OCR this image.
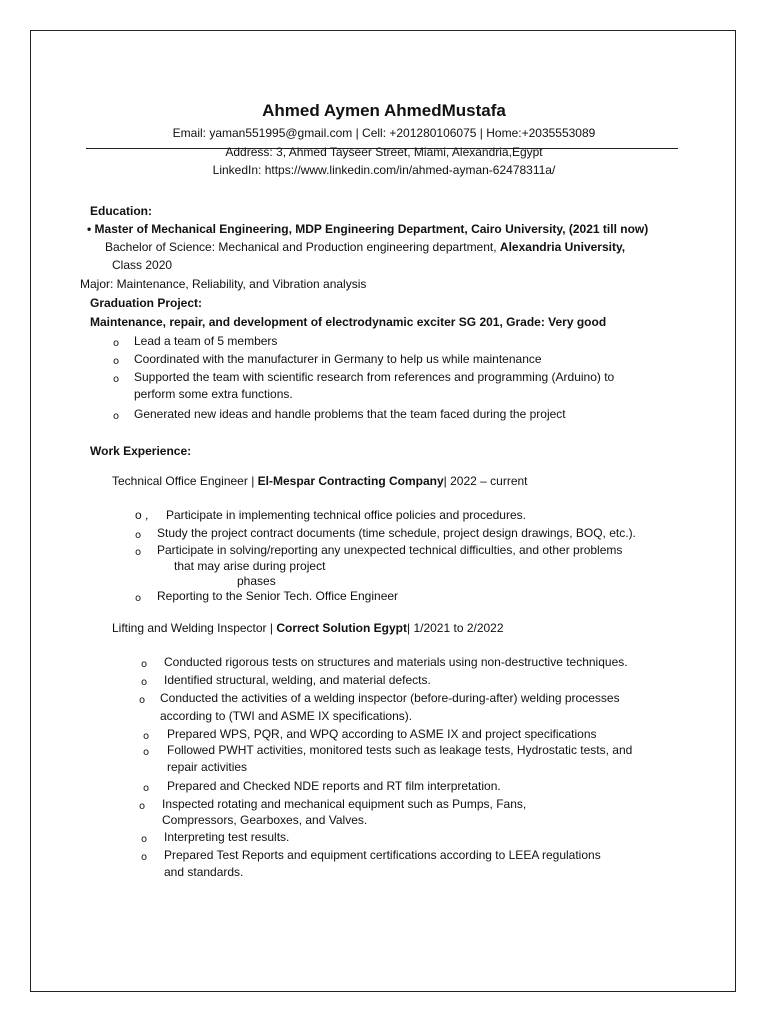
Ahmed Aymen AhmedMustafa
Email: yaman551995@gmail.com | Cell: +201280106075 | Home:+2035553089
Address: 3, Ahmed Tayseer Street, Miami, Alexandria,Egypt
LinkedIn: https://www.linkedin.com/in/ahmed-ayman-62478311a/
Education:
• Master of Mechanical Engineering, MDP Engineering Department, Cairo University, (2021 till now)
Bachelor of Science: Mechanical and Production engineering department, Alexandria University,
Class 2020
Major: Maintenance, Reliability, and Vibration analysis
Graduation Project:
Maintenance, repair, and development of electrodynamic exciter SG 201, Grade: Very good
o Lead a team of 5 members
o Coordinated with the manufacturer in Germany to help us while maintenance
o Supported the team with scientific research from references and programming (Arduino) to
perform some extra functions.
o Generated new ideas and handle problems that the team faced during the project
Work Experience:
Technical Office Engineer | El-Mespar Contracting Company| 2022 – current
o , Participate in implementing technical office policies and procedures.
o Study the project contract documents (time schedule, project design drawings, BOQ, etc.).
o Participate in solving/reporting any unexpected technical difficulties, and other problems
that may arise during project
phases
o Reporting to the Senior Tech. Office Engineer
Lifting and Welding Inspector | Correct Solution Egypt| 1/2021 to 2/2022
o Conducted rigorous tests on structures and materials using non-destructive techniques.
o Identified structural, welding, and material defects.
o Conducted the activities of a welding inspector (before-during-after) welding processes
according to (TWI and ASME IX specifications).
o Prepared WPS, PQR, and WPQ according to ASME IX and project specifications
o Followed PWHT activities, monitored tests such as leakage tests, Hydrostatic tests, and
repair activities
o Prepared and Checked NDE reports and RT film interpretation.
o Inspected rotating and mechanical equipment such as Pumps, Fans,
Compressors, Gearboxes, and Valves.
o Interpreting test results.
o Prepared Test Reports and equipment certifications according to LEEA regulations
and standards.
